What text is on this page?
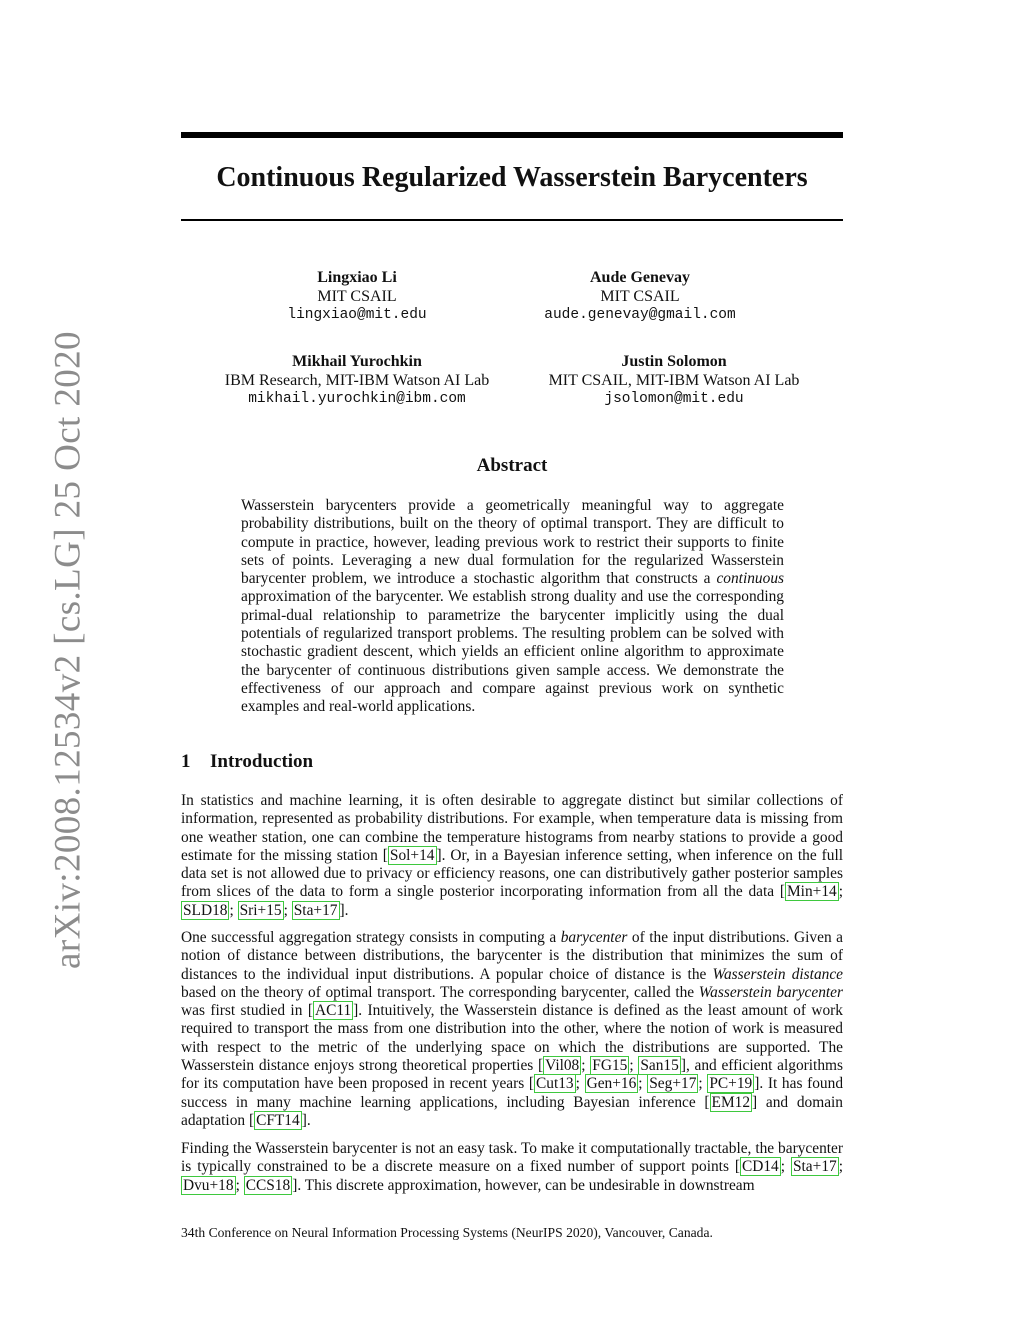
arXiv:2008.12534v2 [cs.LG] 25 Oct 2020
Continuous Regularized Wasserstein Barycenters
Lingxiao Li
MIT CSAIL
lingxiao@mit.edu
Aude Genevay
MIT CSAIL
aude.genevay@gmail.com
Mikhail Yurochkin
IBM Research, MIT-IBM Watson AI Lab
mikhail.yurochkin@ibm.com
Justin Solomon
MIT CSAIL, MIT-IBM Watson AI Lab
jsolomon@mit.edu
Abstract
Wasserstein barycenters provide a geometrically meaningful way to aggregate probability distributions, built on the theory of optimal transport. They are difficult to compute in practice, however, leading previous work to restrict their supports to finite sets of points. Leveraging a new dual formulation for the regularized Wasserstein barycenter problem, we introduce a stochastic algorithm that constructs a continuous approximation of the barycenter. We establish strong duality and use the corresponding primal-dual relationship to parametrize the barycenter implicitly using the dual potentials of regularized transport problems. The resulting problem can be solved with stochastic gradient descent, which yields an efficient online algorithm to approximate the barycenter of continuous distributions given sample access. We demonstrate the effectiveness of our approach and compare against previous work on synthetic examples and real-world applications.
1 Introduction

In statistics and machine learning, it is often desirable to aggregate distinct but similar collections of information, represented as probability distributions. For example, when temperature data is missing from one weather station, one can combine the temperature histograms from nearby stations to provide a good estimate for the missing station [ Sol+14 ]. Or, in a Bayesian inference setting, when inference on the full data set is not allowed due to privacy or efficiency reasons, one can distributively gather posterior samples from slices of the data to form a single posterior incorporating information from all the data [ Min+14 ; SLD18 ; Sri+15 ; Sta+17 ].

One successful aggregation strategy consists in computing a barycenter of the input distributions. Given a notion of distance between distributions, the barycenter is the distribution that minimizes the sum of distances to the individual input distributions. A popular choice of distance is the Wasserstein distance based on the theory of optimal transport. The corresponding barycenter, called the Wasserstein barycenter was first studied in [ AC11 ]. Intuitively, the Wasserstein distance is defined as the least amount of work required to transport the mass from one distribution into the other, where the notion of work is measured with respect to the metric of the underlying space on which the distributions are supported. The Wasserstein distance enjoys strong theoretical properties [ Vil08 ; FG15 ; San15 ], and efficient algorithms for its computation have been proposed in recent years [ Cut13 ; Gen+16 ; Seg+17 ; PC+19 ]. It has found success in many machine learning applications, including Bayesian inference [ EM12 ] and domain adaptation [ CFT14 ].

Finding the Wasserstein barycenter is not an easy task. To make it computationally tractable, the barycenter is typically constrained to be a discrete measure on a fixed number of support points [ CD14 ; Sta+17 ; Dvu+18 ; CCS18 ]. This discrete approximation, however, can be undesirable in downstream

34th Conference on Neural Information Processing Systems (NeurIPS 2020), Vancouver, Canada.
